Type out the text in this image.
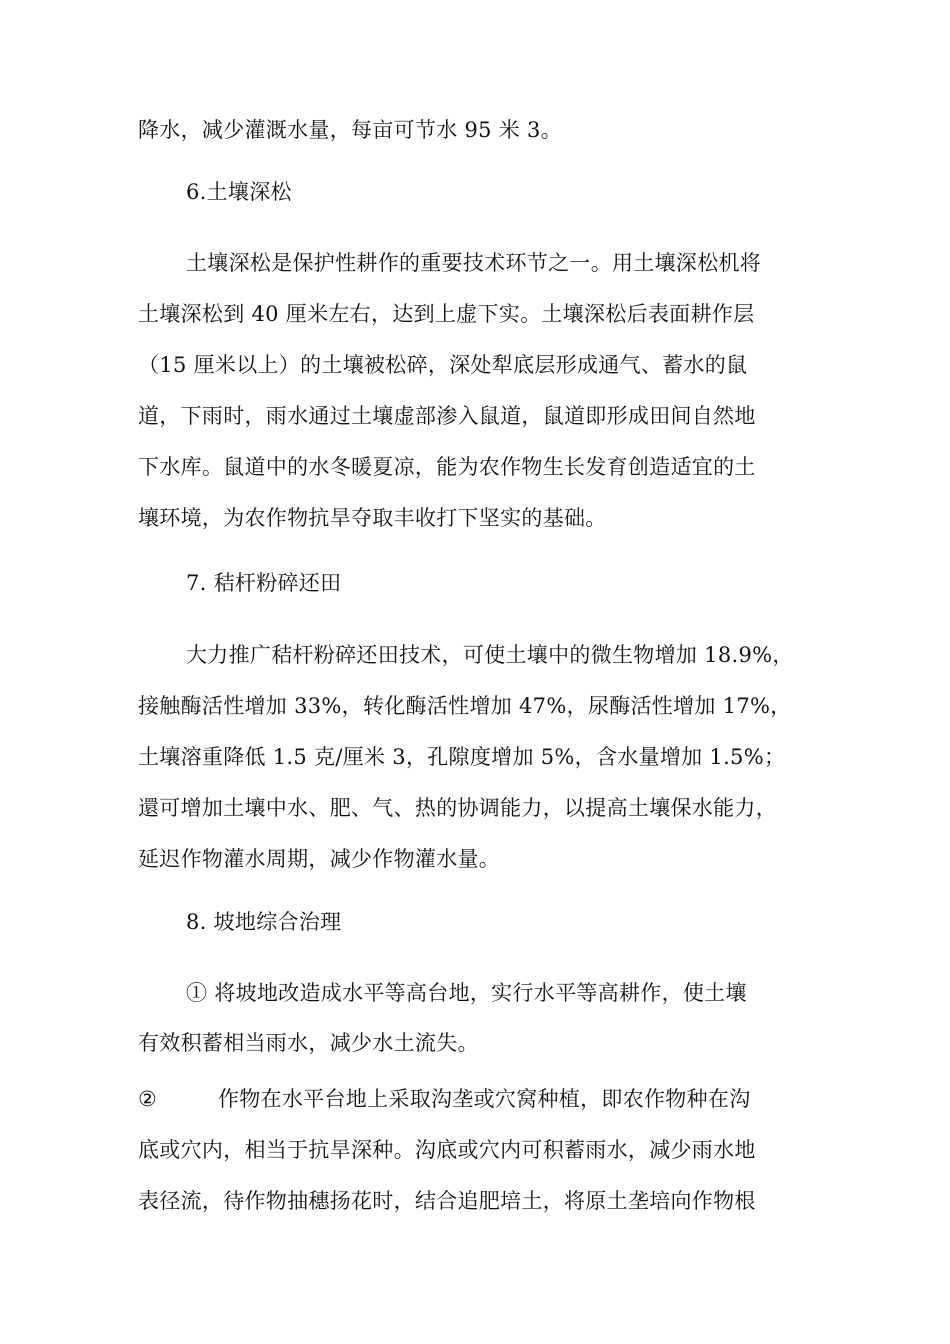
降水，减少灌溉水量，每亩可节水 95 米 3。
6.土壤深松
土壤深松是保护性耕作的重要技术环节之一。用土壤深松机将
土壤深松到 40 厘米左右，达到上虚下实。土壤深松后表面耕作层
（15 厘米以上）的土壤被松碎，深处犁底层形成通气、蓄水的鼠
道，下雨时，雨水通过土壤虚部渗入鼠道，鼠道即形成田间自然地
下水库。鼠道中的水冬暖夏凉，能为农作物生长发育创造适宜的土
壤环境，为农作物抗旱夺取丰收打下坚实的基础。
7. 秸杆粉碎还田
大力推广秸杆粉碎还田技术，可使土壤中的微生物增加 18.9%，
接触酶活性增加 33%，转化酶活性增加 47%，尿酶活性增加 17%，
土壤溶重降低 1.5 克/厘米 3，孔隙度增加 5%，含水量增加 1.5%；
還可增加土壤中水、肥、气、热的协调能力，以提高土壤保水能力，
延迟作物灌水周期，减少作物灌水量。
8. 坡地综合治理
① 将坡地改造成水平等高台地，实行水平等高耕作，使土壤
有效积蓄相当雨水，减少水土流失。
②	作物在水平台地上采取沟垄或穴窝种植，即农作物种在沟
底或穴内，相当于抗旱深种。沟底或穴内可积蓄雨水，减少雨水地
表径流，待作物抽穗扬花时，结合追肥培土，将原土垄培向作物根
